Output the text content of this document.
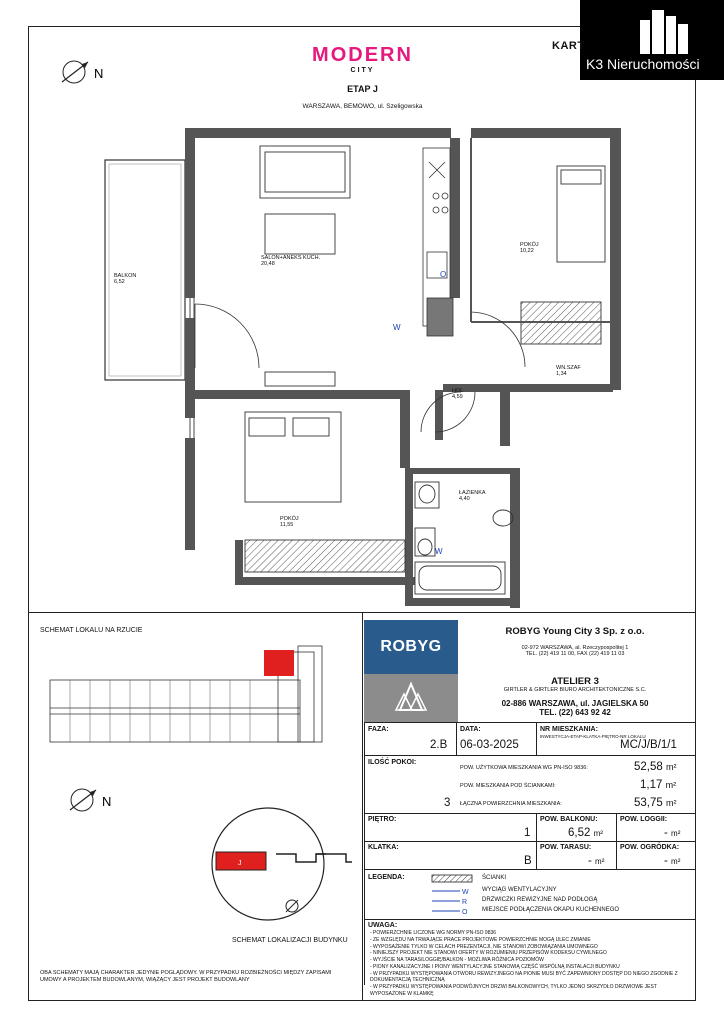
K3 Nieruchomości
KART
MODERN
CITY
ETAP J
WARSZAWA, BEMOWO, ul. Szeligowska
N
W
O
W
BALKON
6,52
SALON+ANEKS KUCH.
20,48
POKÓJ
10,22
WN.SZAF
1,34
HOL
4,59
ŁAZIENKA
4,40
POKÓJ
11,55
SCHEMAT LOKALU NA RZUCIE
N
J
SCHEMAT LOKALIZACJI BUDYNKU
OBA SCHEMATY MAJĄ CHARAKTER JEDYNIE POGLĄDOWY. W PRZYPADKU ROZBIEŻNOŚCI MIĘDZY ZAPISAMI UMOWY A PROJEKTEM BUDOWLANYM, WIĄŻĄCY JEST PROJEKT BUDOWLANY
ROBYG
ROBYG Young City 3 Sp. z o.o.
02-972 WARSZAWA, al. Rzeczypospolitej 1
TEL. (22) 419 11 00, FAX (22) 419 11 03
ATELIER 3
GIRTLER & GIRTLER BIURO ARCHITEKTONICZNE S.C.
02-886 WARSZAWA, ul. JAGIELSKA 50
TEL. (22) 643 92 42
FAZA:
2.B
DATA:
06-03-2025
NR MIESZKANIA:
INWESTYCJA-ETAP-KLATKA-PIĘTRO-NR LOKALU
MC/J/B/1/1
ILOŚĆ POKOI:
3
POW. UŻYTKOWA MIESZKANIA WG PN-ISO 9836:	52,58 m²
POW. MIESZKANIA POD ŚCIANKAMI:	1,17 m²
ŁĄCZNA POWIERZCHNIA MIESZKANIA:	53,75 m²
PIĘTRO:
1
POW. BALKONU:
6,52 m²
POW. LOGGII:
- m²
KLATKA:
B
POW. TARASU:
- m²
POW. OGRÓDKA:
- m²
LEGENDA:
W
R
O
ŚCIANKI
WYCIĄG WENTYLACYJNY
DRZWICZKI REWIZYJNE NAD PODŁOGĄ
MIEJSCE PODŁĄCZENIA OKAPU KUCHENNEGO
UWAGA:
- POWIERZCHNIE LICZONE WG NORMY PN-ISO 9836
- ZE WZGLĘDU NA TRWAJĄCE PRACE PROJEKTOWE POWIERZCHNIE MOGĄ ULEC ZMIANIE
- WYPOSAŻENIE TYLKO W CELACH PREZENTACJI, NIE STANOWI ZOBOWIĄZANIA UMOWNEGO
- NINIEJSZY PROJEKT NIE STANOWI OFERTY W ROZUMIENIU PRZEPISÓW KODEKSU CYWILNEGO
- WYJŚCIE NA TARAS/LOGGIĘ/BALKON - MOŻLIWA RÓŻNICA POZIOMÓW
- PIONY KANALIZACYJNE I PIONY WENTYLACYJNE STANOWIĄ CZĘŚĆ WSPÓLNĄ INSTALACJI BUDYNKU
- W PRZYPADKU WYSTĘPOWANIA OTWORU REWIZYJNEGO NA PIONIE MUSI BYĆ ZAPEWNIONY DOSTĘP DO NIEGO ZGODNIE Z DOKUMENTACJĄ TECHNICZNĄ
- W PRZYPADKU WYSTĘPOWANIA PODWÓJNYCH DRZWI BALKONOWYCH, TYLKO JEDNO SKRZYDŁO DRZWIOWE JEST WYPOSAŻONE W KLAMKĘ
